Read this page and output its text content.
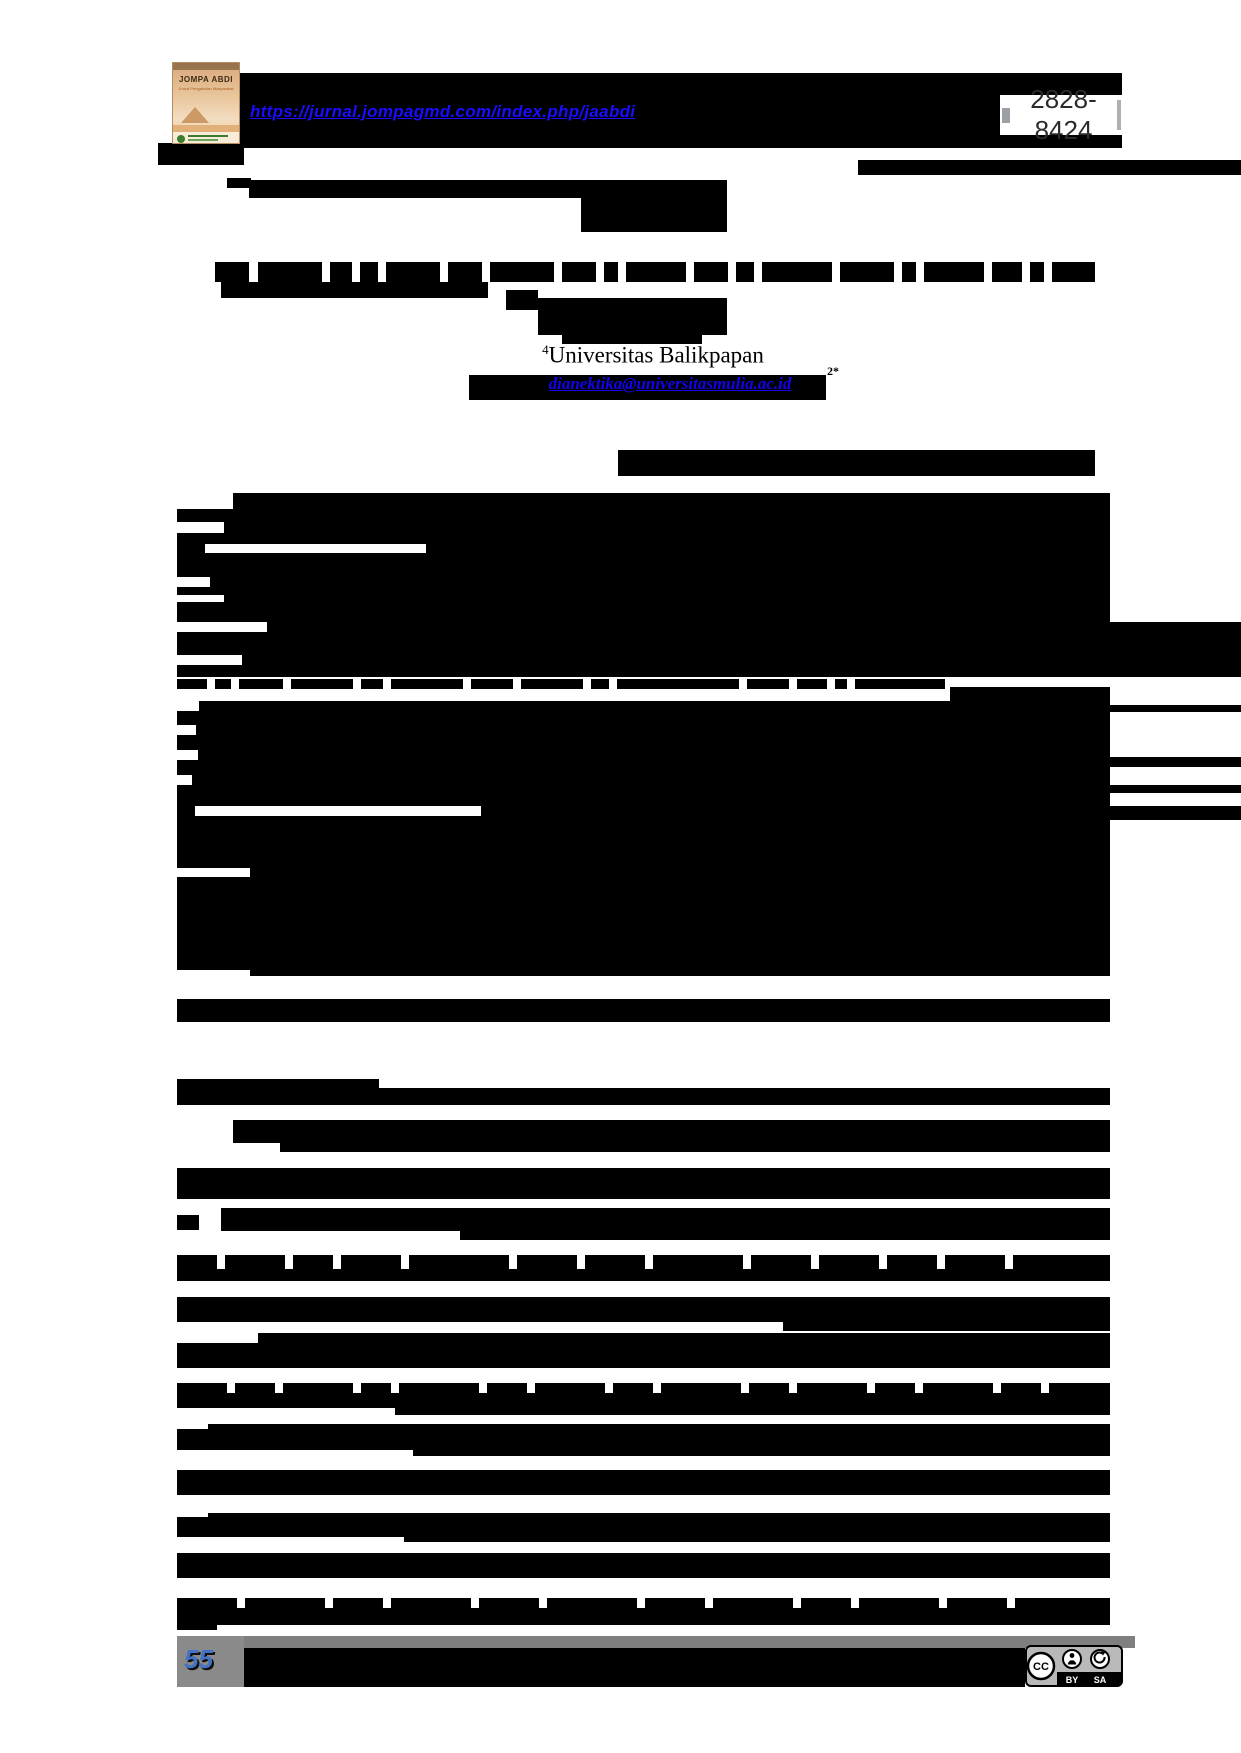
JOMPA ABDI
Jurnal Pengabdian Masyarakat
https://jurnal.jompagmd.com/index.php/jaabdi	2828-8424
$^4$Universitas Balikpapan
dianektika@universitasmulia.ac.id
2*
55	CC
BY SA
